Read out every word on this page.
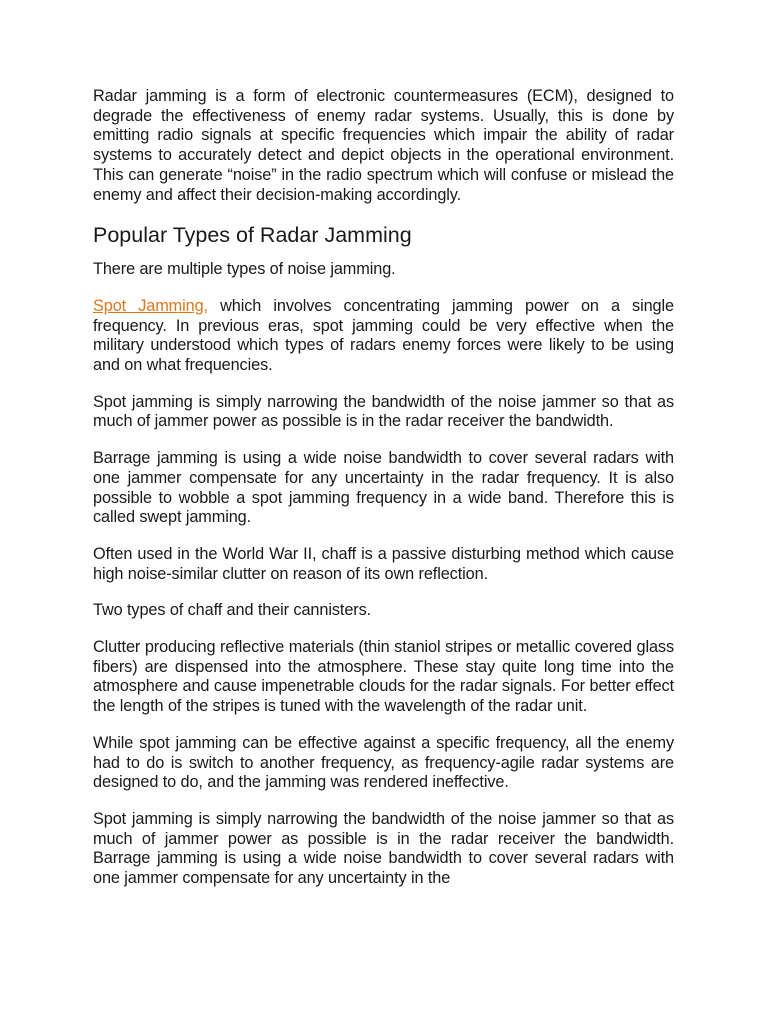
Radar jamming is a form of electronic countermeasures (ECM), designed to degrade the effectiveness of enemy radar systems. Usually, this is done by emitting radio signals at specific frequencies which impair the ability of radar systems to accurately detect and depict objects in the operational environment. This can generate “noise” in the radio spectrum which will confuse or mislead the enemy and affect their decision-making accordingly.

Popular Types of Radar Jamming

There are multiple types of noise jamming.

Spot Jamming, which involves concentrating jamming power on a single frequency. In previous eras, spot jamming could be very effective when the military understood which types of radars enemy forces were likely to be using and on what frequencies.

Spot jamming is simply narrowing the bandwidth of the noise jammer so that as much of jammer power as possible is in the radar receiver the bandwidth.

Barrage jamming is using a wide noise bandwidth to cover several radars with one jammer compensate for any uncertainty in the radar frequency. It is also possible to wobble a spot jamming frequency in a wide band. Therefore this is called swept jamming.

Often used in the World War II, chaff is a passive disturbing method which cause high noise-similar clutter on reason of its own reflection.

Two types of chaff and their cannisters.

Clutter producing reflective materials (thin staniol stripes or metallic covered glass fibers) are dispensed into the atmosphere. These stay quite long time into the atmosphere and cause impenetrable clouds for the radar signals. For better effect the length of the stripes is tuned with the wavelength of the radar unit.

While spot jamming can be effective against a specific frequency, all the enemy had to do is switch to another frequency, as frequency-agile radar systems are designed to do, and the jamming was rendered ineffective.

Spot jamming is simply narrowing the bandwidth of the noise jammer so that as much of jammer power as possible is in the radar receiver the bandwidth. Barrage jamming is using a wide noise bandwidth to cover several radars with one jammer compensate for any uncertainty in the
